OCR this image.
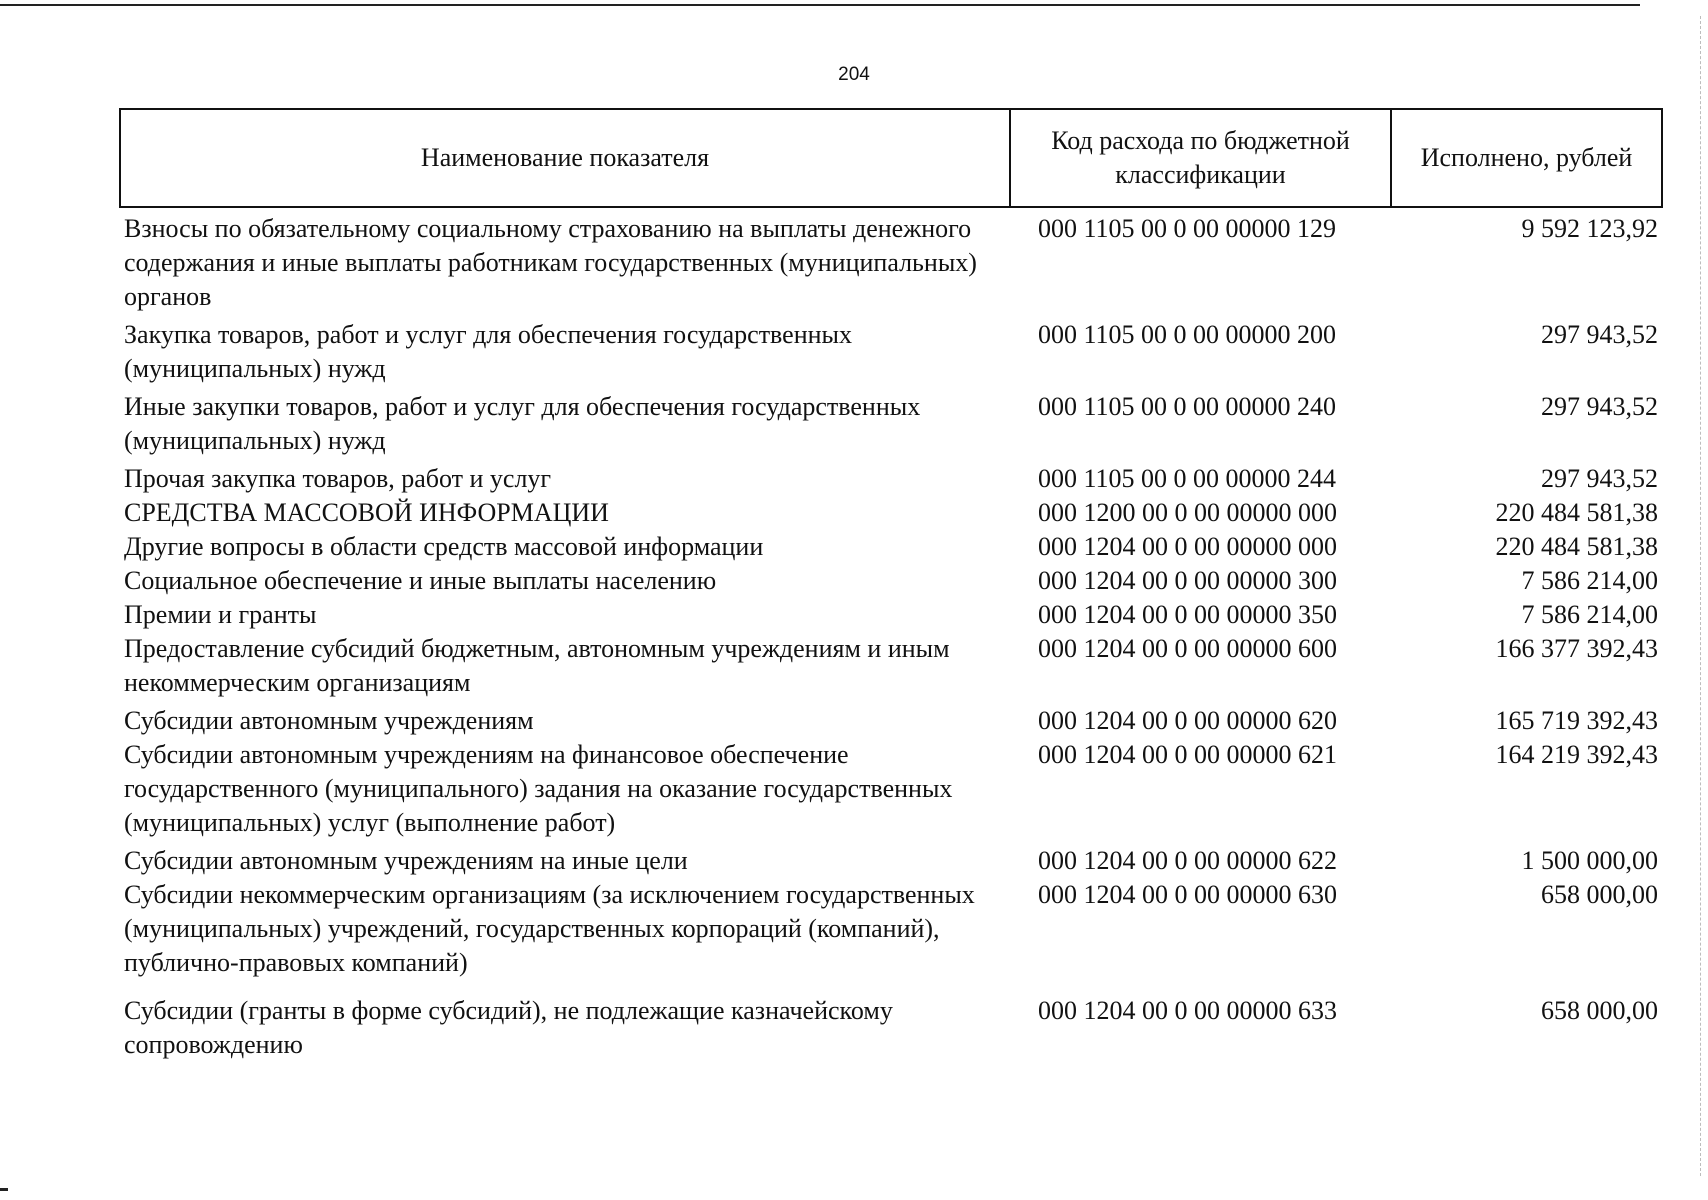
204
Наименование показателя	Код расхода по бюджетной классификации	Исполнено, рублей
Взносы по обязательному социальному страхованию на выплаты денежного содержания и иные выплаты работникам государственных (муниципальных) органов	000 1105 00 0 00 00000 129	9 592 123,92
Закупка товаров, работ и услуг для обеспечения государственных (муниципальных) нужд	000 1105 00 0 00 00000 200	297 943,52
Иные закупки товаров, работ и услуг для обеспечения государственных (муниципальных) нужд	000 1105 00 0 00 00000 240	297 943,52
Прочая закупка товаров, работ и услуг	000 1105 00 0 00 00000 244	297 943,52
СРЕДСТВА МАССОВОЙ ИНФОРМАЦИИ	000 1200 00 0 00 00000 000	220 484 581,38
Другие вопросы в области средств массовой информации	000 1204 00 0 00 00000 000	220 484 581,38
Социальное обеспечение и иные выплаты населению	000 1204 00 0 00 00000 300	7 586 214,00
Премии и гранты	000 1204 00 0 00 00000 350	7 586 214,00
Предоставление субсидий бюджетным, автономным учреждениям и иным некоммерческим организациям	000 1204 00 0 00 00000 600	166 377 392,43
Субсидии автономным учреждениям	000 1204 00 0 00 00000 620	165 719 392,43
Субсидии автономным учреждениям на финансовое обеспечение государственного (муниципального) задания на оказание государственных (муниципальных) услуг (выполнение работ)	000 1204 00 0 00 00000 621	164 219 392,43
Субсидии автономным учреждениям на иные цели	000 1204 00 0 00 00000 622	1 500 000,00
Субсидии некоммерческим организациям (за исключением государственных (муниципальных) учреждений, государственных корпораций (компаний), публично-правовых компаний)	000 1204 00 0 00 00000 630	658 000,00
Субсидии (гранты в форме субсидий), не подлежащие казначейскому сопровождению	000 1204 00 0 00 00000 633	658 000,00
